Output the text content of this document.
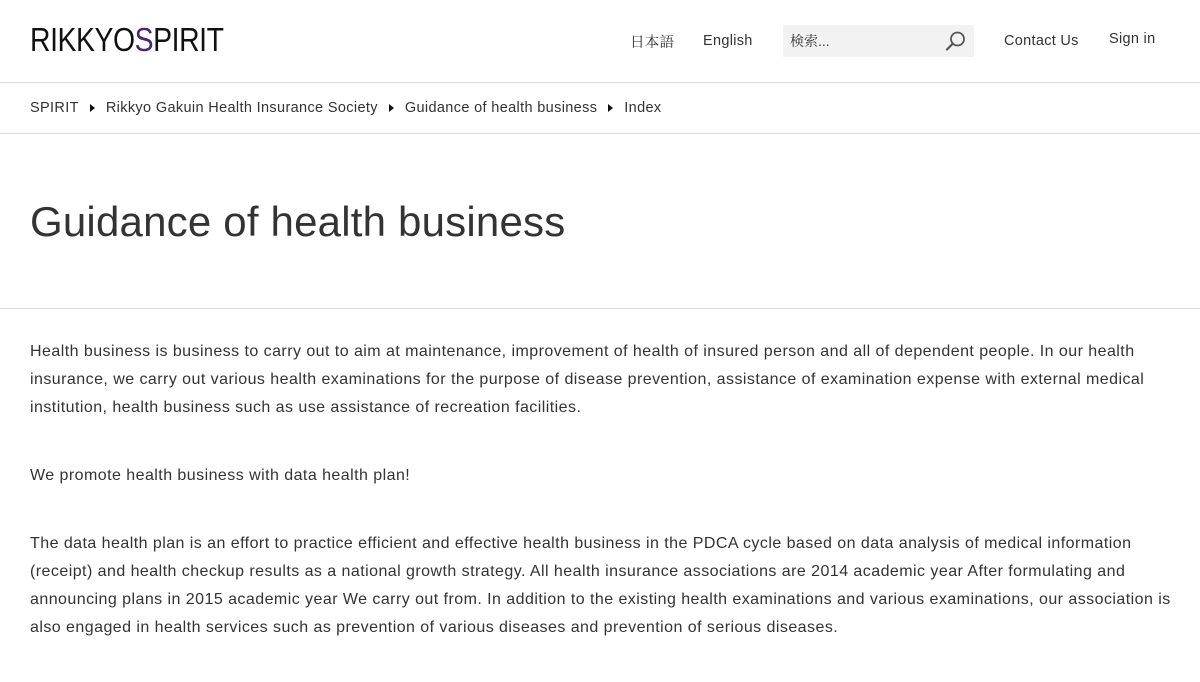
RIKKYO S PIRIT	日本語 English
検索...	Contact Us Sign in
SPIRIT Rikkyo Gakuin Health Insurance Society Guidance of health business Index
Guidance of health business

Health business is business to carry out to aim at maintenance, improvement of health of insured person and all of dependent people. In our health insurance, we carry out various health examinations for the purpose of disease prevention, assistance of examination expense with external medical institution, health business such as use assistance of recreation facilities.

We promote health business with data health plan!

The data health plan is an effort to practice efficient and effective health business in the PDCA cycle based on data analysis of medical information (receipt) and health checkup results as a national growth strategy. All health insurance associations are 2014 academic year After formulating and announcing plans in 2015 academic year We carry out from. In addition to the existing health examinations and various examinations, our association is also engaged in health services such as prevention of various diseases and prevention of serious diseases.
